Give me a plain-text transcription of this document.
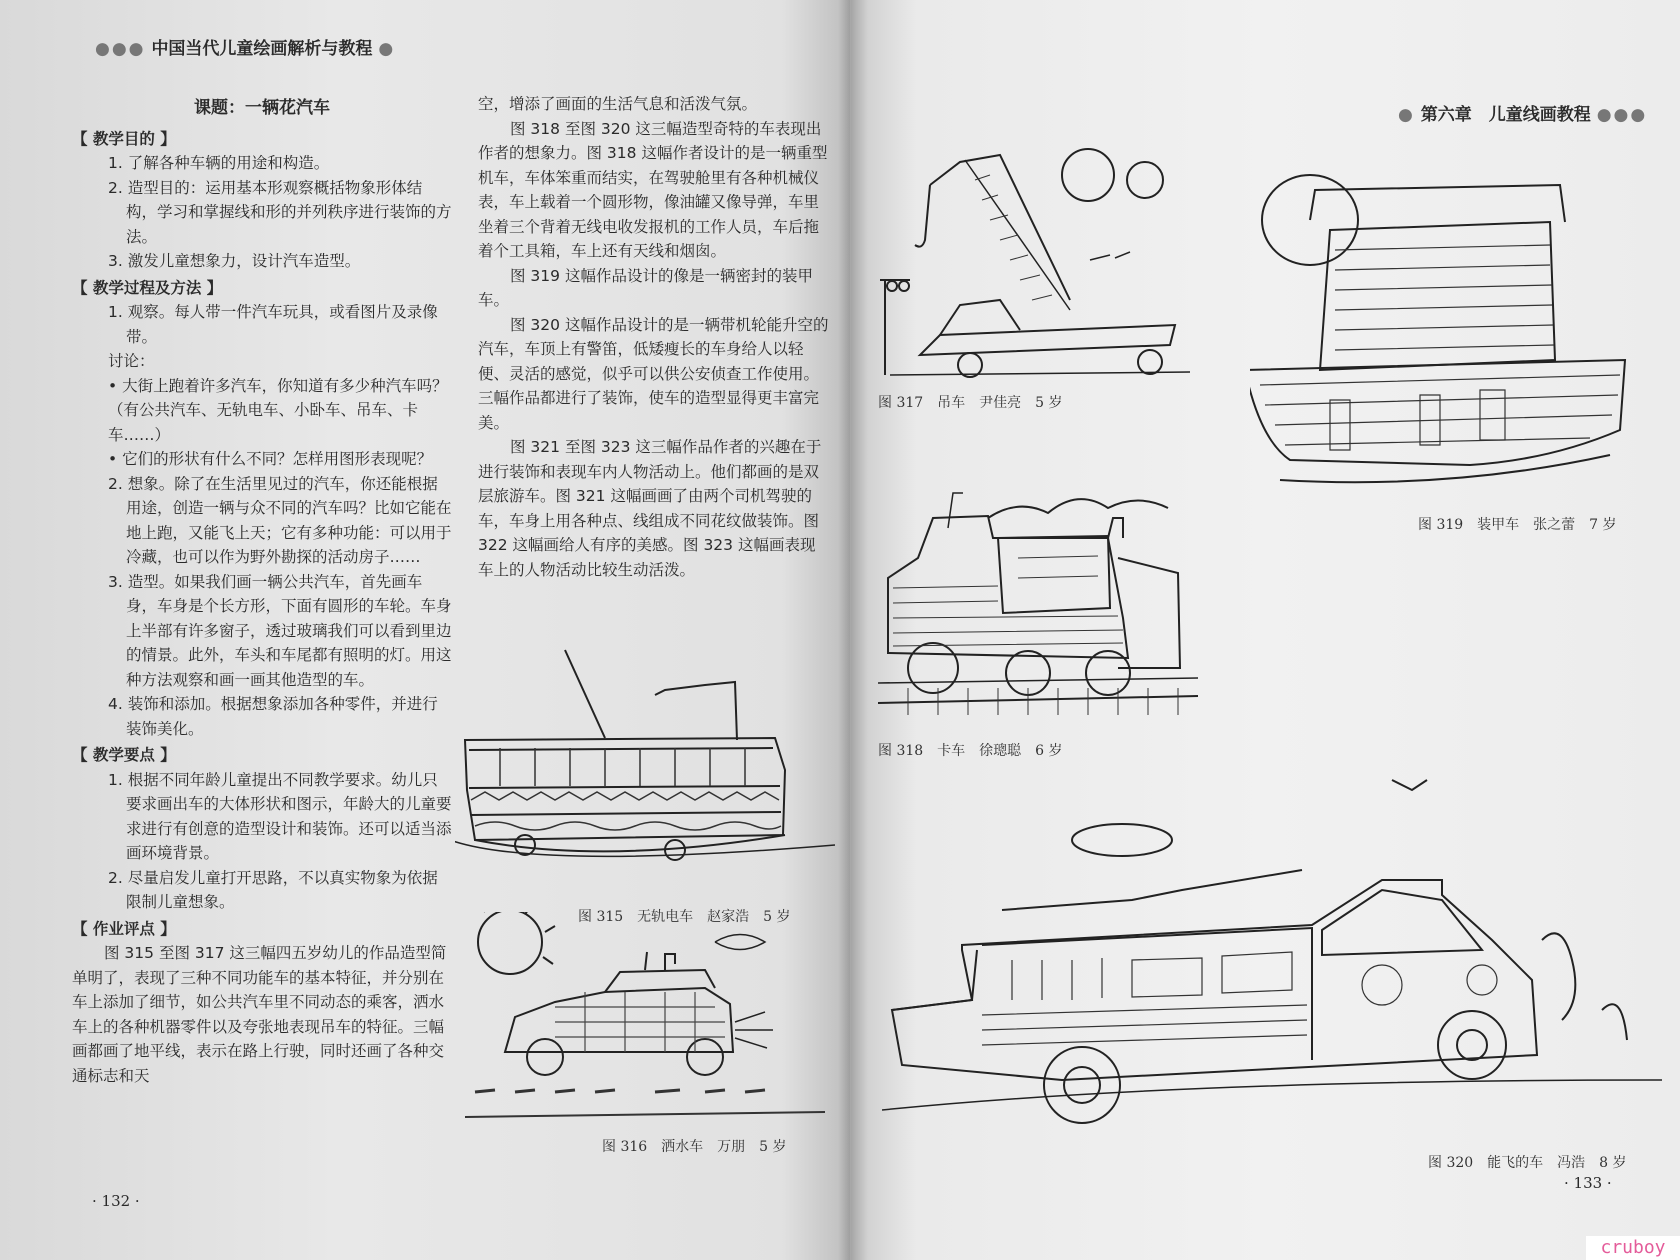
●●● 中国当代儿童绘画解析与教程 ●
课题：一辆花汽车
【 教学目的 】
1. 了解各种车辆的用途和构造。
2. 造型目的：运用基本形观察概括物象形体结构，学习和掌握线和形的并列秩序进行装饰的方法。
3. 激发儿童想象力，设计汽车造型。
【 教学过程及方法 】
1. 观察。每人带一件汽车玩具，或看图片及录像带。
讨论：
• 大街上跑着许多汽车，你知道有多少种汽车吗？（有公共汽车、无轨电车、小卧车、吊车、卡车……）
• 它们的形状有什么不同？怎样用图形表现呢？
2. 想象。除了在生活里见过的汽车，你还能根据用途，创造一辆与众不同的汽车吗？比如它能在地上跑，又能飞上天；它有多种功能：可以用于冷藏，也可以作为野外勘探的活动房子……
3. 造型。如果我们画一辆公共汽车，首先画车身，车身是个长方形，下面有圆形的车轮。车身上半部有许多窗子，透过玻璃我们可以看到里边的情景。此外，车头和车尾都有照明的灯。用这种方法观察和画一画其他造型的车。
4. 装饰和添加。根据想象添加各种零件，并进行装饰美化。
【 教学要点 】
1. 根据不同年龄儿童提出不同教学要求。幼儿只要求画出车的大体形状和图示，年龄大的儿童要求进行有创意的造型设计和装饰。还可以适当添画环境背景。
2. 尽量启发儿童打开思路，不以真实物象为依据限制儿童想象。
【 作业评点 】
图 315 至图 317 这三幅四五岁幼儿的作品造型简单明了，表现了三种不同功能车的基本特征，并分别在车上添加了细节，如公共汽车里不同动态的乘客，洒水车上的各种机器零件以及夸张地表现吊车的特征。三幅画都画了地平线，表示在路上行驶，同时还画了各种交通标志和天
空，增添了画面的生活气息和活泼气氛。
图 318 至图 320 这三幅造型奇特的车表现出作者的想象力。图 318 这幅作者设计的是一辆重型机车，车体笨重而结实，在驾驶舱里有各种机械仪表，车上载着一个圆形物，像油罐又像导弹，车里坐着三个背着无线电收发报机的工作人员，车后拖着个工具箱，车上还有天线和烟囱。
图 319 这幅作品设计的像是一辆密封的装甲车。
图 320 这幅作品设计的是一辆带机轮能升空的汽车，车顶上有警笛，低矮瘦长的车身给人以轻便、灵活的感觉，似乎可以供公安侦查工作使用。三幅作品都进行了装饰，使车的造型显得更丰富完美。
图 321 至图 323 这三幅作品作者的兴趣在于进行装饰和表现车内人物活动上。他们都画的是双层旅游车。图 321 这幅画画了由两个司机驾驶的车，车身上用各种点、线组成不同花纹做装饰。图 322 这幅画给人有序的美感。图 323 这幅画表现车上的人物活动比较生动活泼。
图 315　无轨电车　赵家浩　5 岁
图 316　洒水车　万朋　5 岁
· 132 ·
● 第六章　儿童线画教程 ●●●
图 317　吊车　尹佳亮　5 岁
图 319　装甲车　张之蕾　7 岁
图 318　卡车　徐璁聪　6 岁
图 320　能飞的车　冯浩　8 岁
· 133 ·
cruboy
